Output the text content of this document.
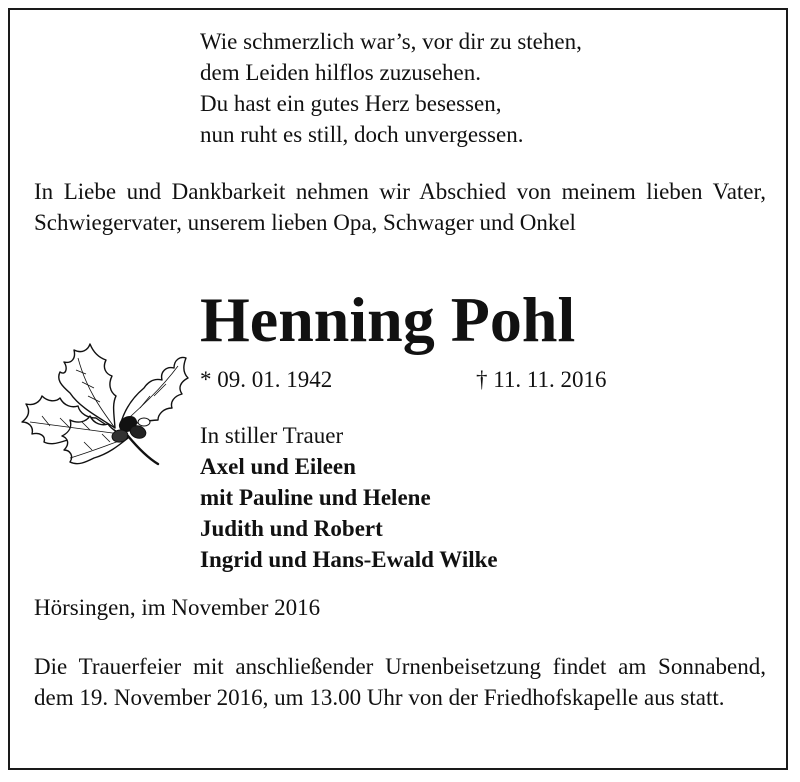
Wie schmerzlich war’s, vor dir zu stehen,
dem Leiden hilflos zuzusehen.
Du hast ein gutes Herz besessen,
nun ruht es still, doch unvergessen.
In Liebe und Dankbarkeit nehmen wir Abschied von meinem lieben Vater, Schwiegervater, unserem lieben Opa, Schwager und Onkel
Henning Pohl
* 09. 01. 1942	† 11. 11. 2016
In stiller Trauer
Axel und Eileen
mit Pauline und Helene
Judith und Robert
Ingrid und Hans-Ewald Wilke
Hörsingen, im November 2016
Die Trauerfeier mit anschließender Urnenbeisetzung findet am Sonnabend, dem 19. November 2016, um 13.00 Uhr von der Friedhofskapelle aus statt.
